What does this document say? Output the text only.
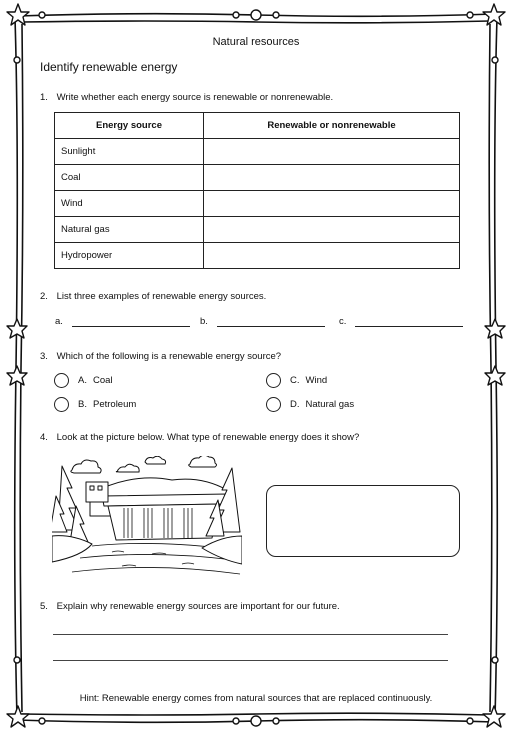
Natural resources
Identify renewable energy
1. Write whether each energy source is renewable or nonrenewable.
Energy source	Renewable or nonrenewable
Sunlight	
Coal	
Wind	
Natural gas	
Hydropower	
2. List three examples of renewable energy sources.
a.	b.	c.
3. Which of the following is a renewable energy source?
A. Coal
B. Petroleum
C. Wind
D. Natural gas
4. Look at the picture below. What type of renewable energy does it show?
5. Explain why renewable energy sources are important for our future.
Hint: Renewable energy comes from natural sources that are replaced continuously.
